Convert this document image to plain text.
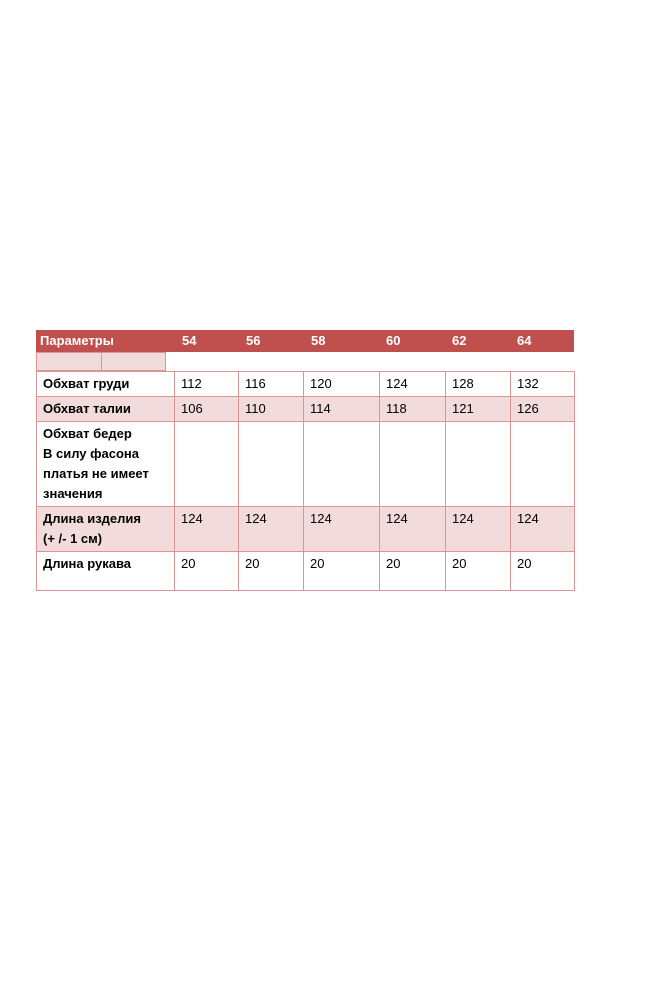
Параметры	54	56	58	60	62	64
Обхват груди	112	116	120	124	128	132
Обхват талии	106	110	114	118	121	126

Обхват бедер
В силу фасона
платья не имеет
значения						

Длина изделия
(+ /- 1 см)	124	124	124	124	124	124
Длина рукава	20	20	20	20	20	20
